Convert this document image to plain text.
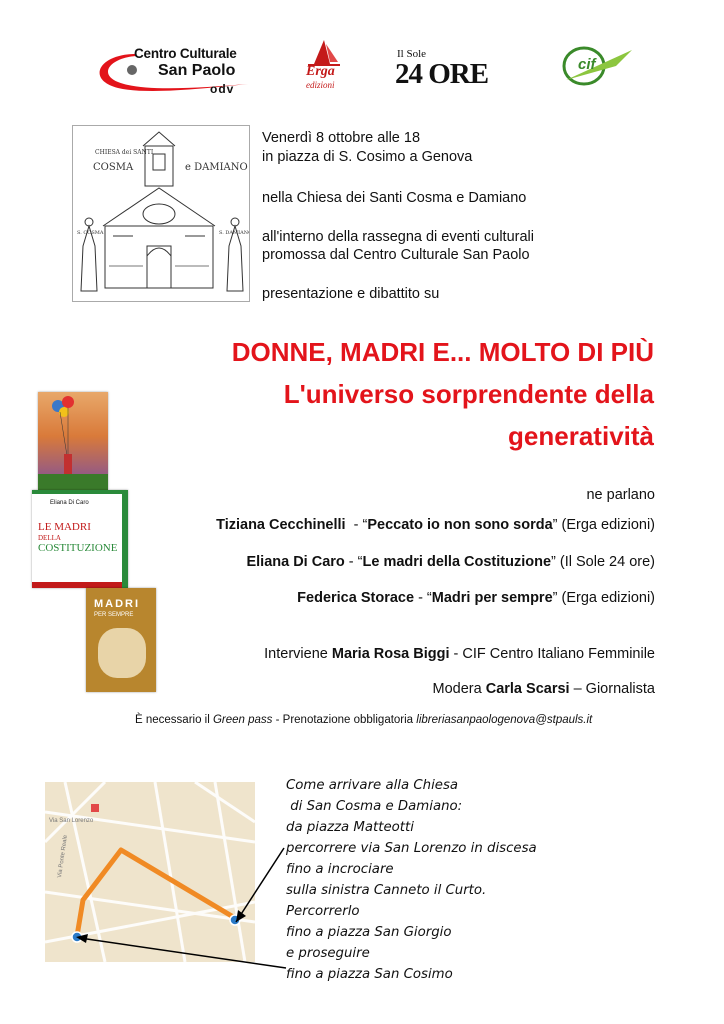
Centro Culturale
San Paolo
odv
Erga
edizioni
Il Sole
24 ORE	cif
CHIESA dei SANTI
COSMA	e DAMIANO
S. COSMA	S. DAMIANO
Venerdì 8 ottobre alle 18
in piazza di S. Cosimo a Genova
nella Chiesa dei Santi Cosma e Damiano
all'interno della rassegna di eventi culturali
promossa dal Centro Culturale San Paolo
presentazione e dibattito su
DONNE, MADRI E... MOLTO DI PIÙ
L'universo sorprendente della
generatività
Eliana Di Caro
LE MADRI
DELLA
COSTITUZIONE
MADRI
PER SEMPRE
ne parlano
Tiziana Cecchinelli  - “Peccato io non sono sorda” (Erga edizioni)
Eliana Di Caro - “Le madri della Costituzione” (Il Sole 24 ore)
Federica Storace - “Madri per sempre” (Erga edizioni)
Interviene Maria Rosa Biggi - CIF Centro Italiano Femminile
Modera Carla Scarsi – Giornalista
È necessario il Green pass - Prenotazione obbligatoria libreriasanpaologenova@stpauls.it
Via Ponte Reale
Via San Lorenzo
Come arrivare alla Chiesa
di San Cosma e Damiano:
da piazza Matteotti
percorrere via San Lorenzo in discesa
fino a incrociare
sulla sinistra Canneto il Curto.
Percorrerlo
fino a piazza San Giorgio
e proseguire
fino a piazza San Cosimo
